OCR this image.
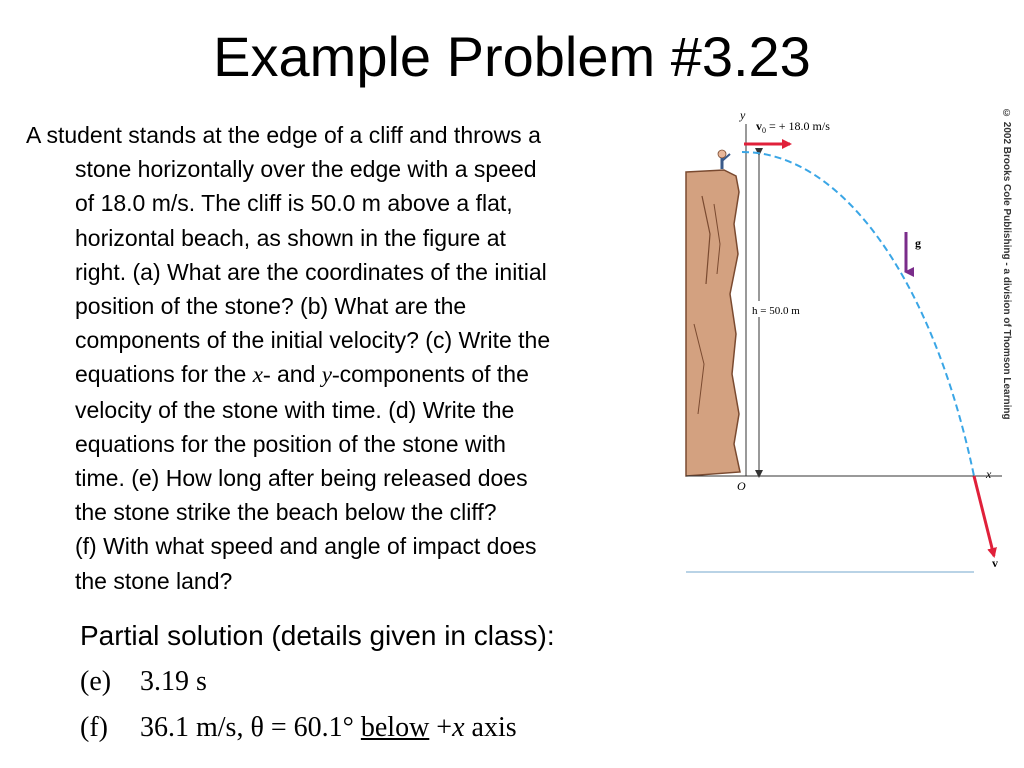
Example Problem #3.23
A student stands at the edge of a cliff and throws a
stone horizontally over the edge with a speed
of 18.0 m/s. The cliff is 50.0 m above a flat,
horizontal beach, as shown in the figure at
right. (a) What are the coordinates of the initial
position of the stone? (b) What are the
components of the initial velocity? (c) Write the
equations for the x- and y-components of the
velocity of the stone with time. (d) Write the
equations for the position of the stone with
time. (e) How long after being released does
the stone strike the beach below the cliff?
(f) With what speed and angle of impact does
the stone land?
y
O
x
h = 50.0 m
$v_0$ = + 18.0 m/s
g
v
© 2002 Brooks Cole Publishing - a division of Thomson Learning
Partial solution (details given in class):
(e) 3.19 s
(f) 36.1 m/s, θ = 60.1° below +x axis
